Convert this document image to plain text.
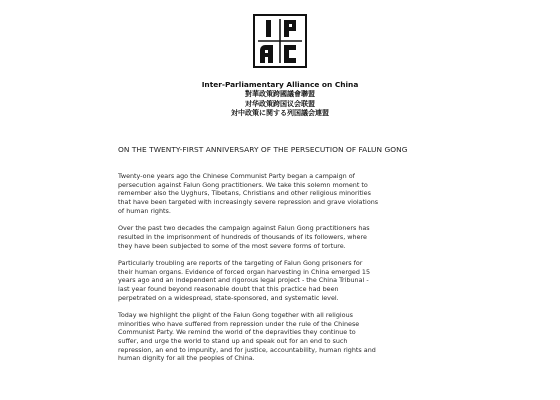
Inter-Parliamentary Alliance on China
對華政策跨國議會聯盟
对华政策跨国议会联盟
対中政策に関する列国議会連盟
ON THE TWENTY-FIRST ANNIVERSARY OF THE PERSECUTION OF FALUN GONG

Twenty-one years ago the Chinese Communist Party began a campaign of
persecution against Falun Gong practitioners. We take this solemn moment to
remember also the Uyghurs, Tibetans, Christians and other religious minorities
that have been targeted with increasingly severe repression and grave violations
of human rights.

Over the past two decades the campaign against Falun Gong practitioners has
resulted in the imprisonment of hundreds of thousands of its followers, where
they have been subjected to some of the most severe forms of torture.

Particularly troubling are reports of the targeting of Falun Gong prisoners for
their human organs. Evidence of forced organ harvesting in China emerged 15
years ago and an independent and rigorous legal project - the China Tribunal -
last year found beyond reasonable doubt that this practice had been
perpetrated on a widespread, state-sponsored, and systematic level.

Today we highlight the plight of the Falun Gong together with all religious
minorities who have suffered from repression under the rule of the Chinese
Communist Party. We remind the world of the depravities they continue to
suffer, and urge the world to stand up and speak out for an end to such
repression, an end to impunity, and for justice, accountability, human rights and
human dignity for all the peoples of China.
